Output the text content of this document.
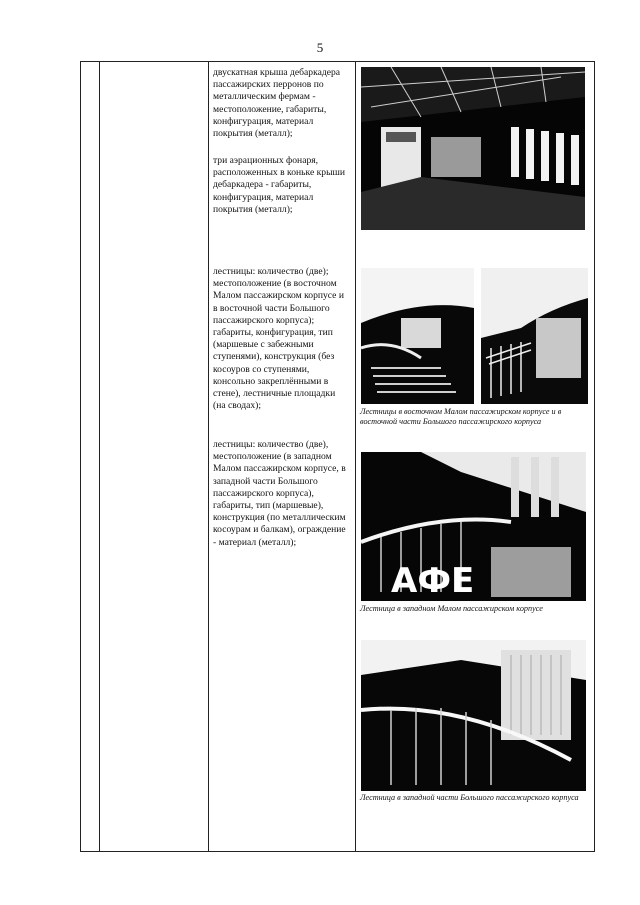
5
двускатная крыша дебаркадера пассажирских перронов по металлическим фермам - местоположение, габариты, конфигурация, материал покрытия (металл);
три аэрационных фонаря, расположенных в коньке крыши дебаркадера - габариты, конфигурация, материал покрытия (металл);
лестницы: количество (две); местоположение (в восточном Малом пассажирском корпусе и в восточной части Большого пассажирского корпуса); габариты, конфигурация, тип (маршевые с забежными ступенями), конструкция (без косоуров со ступенями, консольно закреплёнными в стене), лестничные площадки (на сводах);
лестницы: количество (две), местоположение (в западном Малом пассажирском корпусе, в западной части Большого пассажирского корпуса), габариты, тип (маршевые), конструкция (по металлическим косоурам и балкам), ограждение - материал (металл);
Лестницы в восточном Малом пассажирском корпусе и в восточной части Большого пассажирского корпуса
АФЕ
Лестница в западном Малом пассажирском корпусе
Лестница в западной части Большого пассажирского корпуса
